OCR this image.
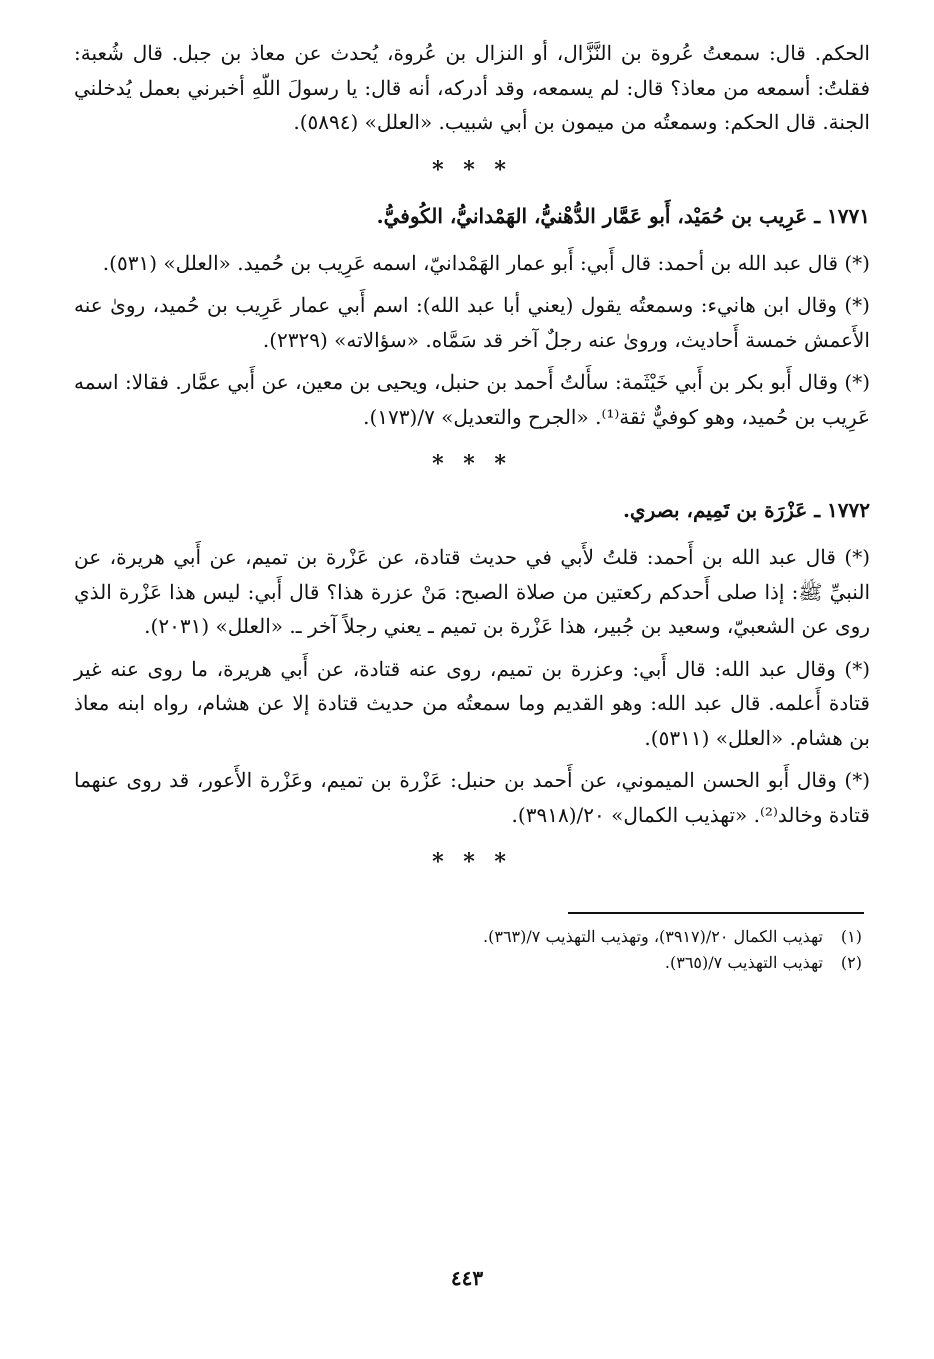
الحكم. قال: سمعتُ عُروة بن النَّزَّال، أو النزال بن عُروة، يُحدث عن معاذ بن جبل. قال شُعبة: فقلتُ: أسمعه من معاذ؟ قال: لم يسمعه، وقد أدركه، أنه قال: يا رسولَ اللّهِ أخبرني بعمل يُدخلني الجنة. قال الحكم: وسمعتُه من ميمون بن أبي شبيب. «العلل» (٥٨٩٤).

* * *
١٧٧١ ـ عَرِيب بن حُمَيْد، أَبو عَمَّار الدُّهْنيُّ، الهَمْدانيُّ، الكُوفيُّ.

(*) قال عبد الله بن أحمد: قال أَبي: أَبو عمار الهَمْدانيّ، اسمه عَرِيب بن حُميد. «العلل» (٥٣١).

(*) وقال ابن هانيء: وسمعتُه يقول (يعني أبا عبد الله): اسم أَبي عمار عَرِيب بن حُميد، روىٰ عنه الأَعمش خمسة أَحاديث، وروىٰ عنه رجلٌ آخر قد سَمَّاه. «سؤالاته» (٢٣٢٩).

(*) وقال أَبو بكر بن أَبي خَيْثَمة: سأَلتُ أَحمد بن حنبل، ويحيى بن معين، عن أَبي عمَّار. فقالا: اسمه عَرِيب بن حُميد، وهو كوفيٌّ ثقة⁽¹⁾. «الجرح والتعديل» ٧/(١٧٣).

* * *
١٧٧٢ ـ عَزْرَة بن تَمِيم، بصري.

(*) قال عبد الله بن أَحمد: قلتُ لأَبي في حديث قتادة، عن عَزْرة بن تميم، عن أَبي هريرة، عن النبيِّ ﷺ: إذا صلى أَحدكم ركعتين من صلاة الصبح: مَنْ عزرة هذا؟ قال أَبي: ليس هذا عَزْرة الذي روى عن الشعبيّ، وسعيد بن جُبير، هذا عَزْرة بن تميم ـ يعني رجلاً آخر ـ. «العلل» (٢٠٣١).

(*) وقال عبد الله: قال أَبي: وعزرة بن تميم، روى عنه قتادة، عن أَبي هريرة، ما روى عنه غير قتادة أَعلمه. قال عبد الله: وهو القديم وما سمعتُه من حديث قتادة إلا عن هشام، رواه ابنه معاذ بن هشام. «العلل» (٥٣١١).

(*) وقال أَبو الحسن الميموني، عن أَحمد بن حنبل: عَزْرة بن تميم، وعَزْرة الأَعور، قد روى عنهما قتادة وخالد⁽²⁾. «تهذيب الكمال» ٢٠/(٣٩١٨).

* * *

(١) تهذيب الكمال ٢٠/(٣٩١٧)، وتهذيب التهذيب ٧/(٣٦٣).

(٢) تهذيب التهذيب ٧/(٣٦٥).

٤٤٣
